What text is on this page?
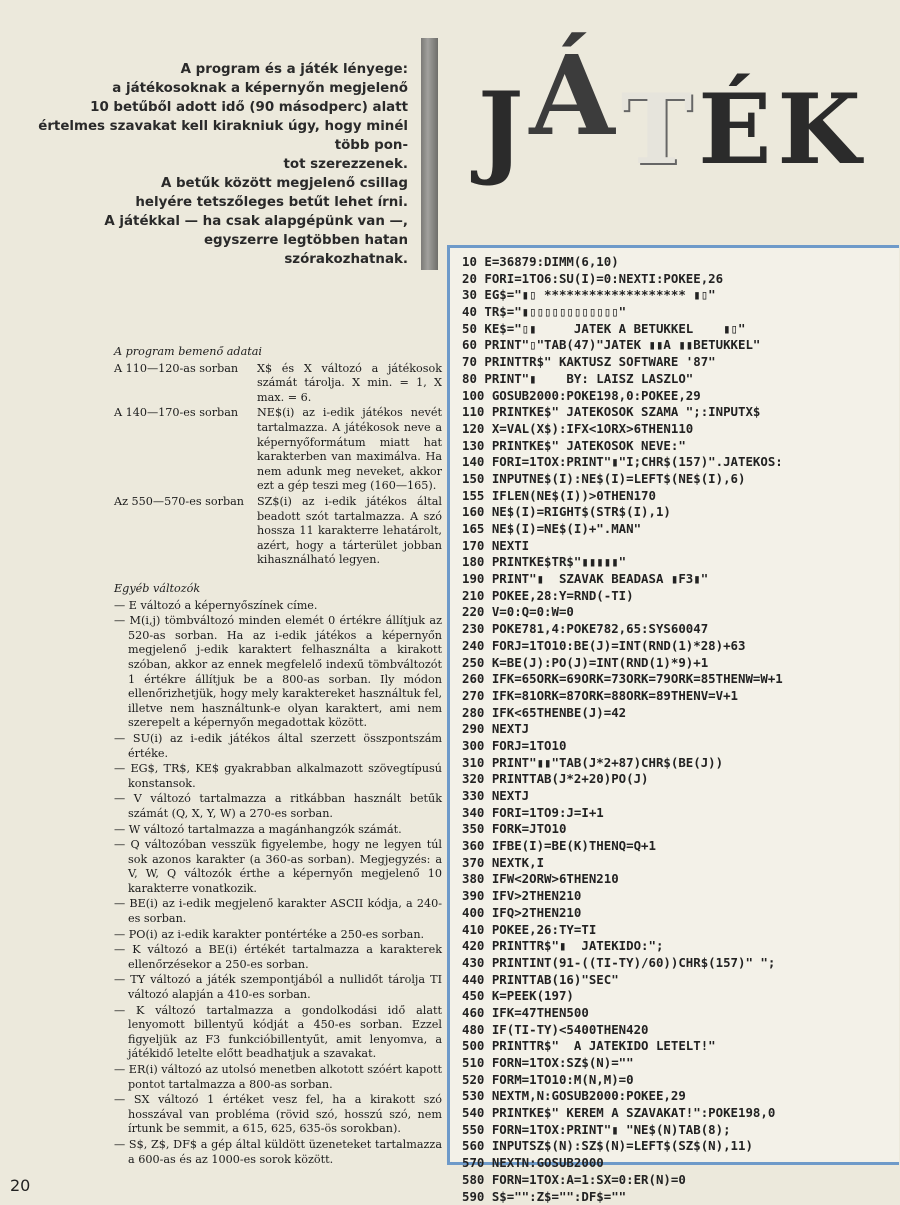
A program és a játék lényege:
a játékosoknak a képernyőn megjelenő
10 betűből adott idő (90 másodperc) alatt
értelmes szavakat kell kirakniuk úgy, hogy minél több pon-
tot szerezzenek.
A betűk között megjelenő csillag
helyére tetszőleges betűt lehet írni.
A játékkal — ha csak alapgépünk van —,
egyszerre legtöbben hatan
szórakozhatnak.
JÁTÉK

A program bemenő adatai

A 110—120-as sorban	X$ és X változó a játékosok számát tárolja. X min. = 1, X max. = 6.
A 140—170-es sorban	NE$(i) az i-edik játékos nevét tartalmazza. A játékosok neve a képernyőformátum miatt hat karakterben van maximálva. Ha nem adunk meg neveket, akkor ezt a gép teszi meg (160—165).
Az 550—570-es sorban	SZ$(i) az i-edik játékos által beadott szót tartalmazza. A szó hossza 11 karakterre lehatárolt, azért, hogy a tárterület jobban kihasználható legyen.

Egyéb változók

— E változó a képernyőszínek címe.
— M(i,j) tömbváltozó minden elemét 0 értékre állítjuk az 520-as sorban. Ha az i-edik játékos a képernyőn megjelenő j-edik karaktert felhasználta a kirakott szóban, akkor az ennek megfelelő indexű tömbváltozót 1 értékre állítjuk be a 800-as sorban. Ily módon ellenőrizhetjük, hogy mely karaktereket használtuk fel, illetve nem használtunk-e olyan karaktert, ami nem szerepelt a képernyőn megadottak között.
— SU(i) az i-edik játékos által szerzett összpontszám értéke.
— EG$, TR$, KE$ gyakrabban alkalmazott szövegtípusú konstansok.
— V változó tartalmazza a ritkábban használt betűk számát (Q, X, Y, W) a 270-es sorban.
— W változó tartalmazza a magánhangzók számát.
— Q változóban vesszük figyelembe, hogy ne legyen túl sok azonos karakter (a 360-as sorban). Megjegyzés: a V, W, Q változók érthe a képernyőn megjelenő 10 karakterre vonatkozik.
— BE(i) az i-edik megjelenő karakter ASCII kódja, a 240-es sorban.
— PO(i) az i-edik karakter pontértéke a 250-es sorban.
— K változó a BE(i) értékét tartalmazza a karakterek ellenőrzésekor a 250-es sorban.
— TY változó a játék szempontjából a nullidőt tárolja TI változó alapján a 410-es sorban.
— K változó tartalmazza a gondolkodási idő alatt lenyomott billentyű kódját a 450-es sorban. Ezzel figyeljük az F3 funkcióbillentyűt, amit lenyomva, a játékidő letelte előtt beadhatjuk a szavakat.
— ER(i) változó az utolsó menetben alkotott szóért kapott pontot tartalmazza a 800-as sorban.
— SX változó 1 értéket vesz fel, ha a kirakott szó hosszával van probléma (rövid szó, hosszú szó, nem írtunk be semmit, a 615, 625, 635-ös sorokban).
— S$, Z$, DF$ a gép által küldött üzeneteket tartalmazza a 600-as és az 1000-es sorok között.
10 E=36879:DIMM(6,10)
20 FORI=1TO6:SU(I)=0:NEXTI:POKEE,26
30 EG$="▮▯ ******************* ▮▯"
40 TR$="▮▯▯▯▯▯▯▯▯▯▯▯▯"
50 KE$="▯▮     JATEK A BETUKKEL    ▮▯"
60 PRINT"▯"TAB(47)"JATEK ▮▮A ▮▮BETUKKEL"
70 PRINTTR$" KAKTUSZ SOFTWARE '87"
80 PRINT"▮    BY: LAISZ LASZLO"
100 GOSUB2000:POKE198,0:POKEE,29
110 PRINTKE$" JATEKOSOK SZAMA ";:INPUTX$
120 X=VAL(X$):IFX<1ORX>6THEN110
130 PRINTKE$" JATEKOSOK NEVE:"
140 FORI=1TOX:PRINT"▮"I;CHR$(157)".JATEKOS:
150 INPUTNE$(I):NE$(I)=LEFT$(NE$(I),6)
155 IFLEN(NE$(I))>0THEN170
160 NE$(I)=RIGHT$(STR$(I),1)
165 NE$(I)=NE$(I)+".MAN"
170 NEXTI
180 PRINTKE$TR$"▮▮▮▮▮"
190 PRINT"▮  SZAVAK BEADASA ▮F3▮"
210 POKEE,28:Y=RND(-TI)
220 V=0:Q=0:W=0
230 POKE781,4:POKE782,65:SYS60047
240 FORJ=1TO10:BE(J)=INT(RND(1)*28)+63
250 K=BE(J):PO(J)=INT(RND(1)*9)+1
260 IFK=65ORK=69ORK=73ORK=79ORK=85THENW=W+1
270 IFK=81ORK=87ORK=88ORK=89THENV=V+1
280 IFK<65THENBE(J)=42
290 NEXTJ
300 FORJ=1TO10
310 PRINT"▮▮"TAB(J*2+87)CHR$(BE(J))
320 PRINTTAB(J*2+20)PO(J)
330 NEXTJ
340 FORI=1TO9:J=I+1
350 FORK=JTO10
360 IFBE(I)=BE(K)THENQ=Q+1
370 NEXTK,I
380 IFW<2ORW>6THEN210
390 IFV>2THEN210
400 IFQ>2THEN210
410 POKEE,26:TY=TI
420 PRINTTR$"▮  JATEKIDO:";
430 PRINTINT(91-((TI-TY)/60))CHR$(157)" ";
440 PRINTTAB(16)"SEC"
450 K=PEEK(197)
460 IFK=47THEN500
480 IF(TI-TY)<5400THEN420
500 PRINTTR$"  A JATEKIDO LETELT!"
510 FORN=1TOX:SZ$(N)=""
520 FORM=1TO10:M(N,M)=0
530 NEXTM,N:GOSUB2000:POKEE,29
540 PRINTKE$" KEREM A SZAVAKAT!":POKE198,0
550 FORN=1TOX:PRINT"▮ "NE$(N)TAB(8);
560 INPUTSZ$(N):SZ$(N)=LEFT$(SZ$(N),11)
570 NEXTN:GOSUB2000
580 FORN=1TOX:A=1:SX=0:ER(N)=0
590 S$="":Z$="":DF$=""
20
